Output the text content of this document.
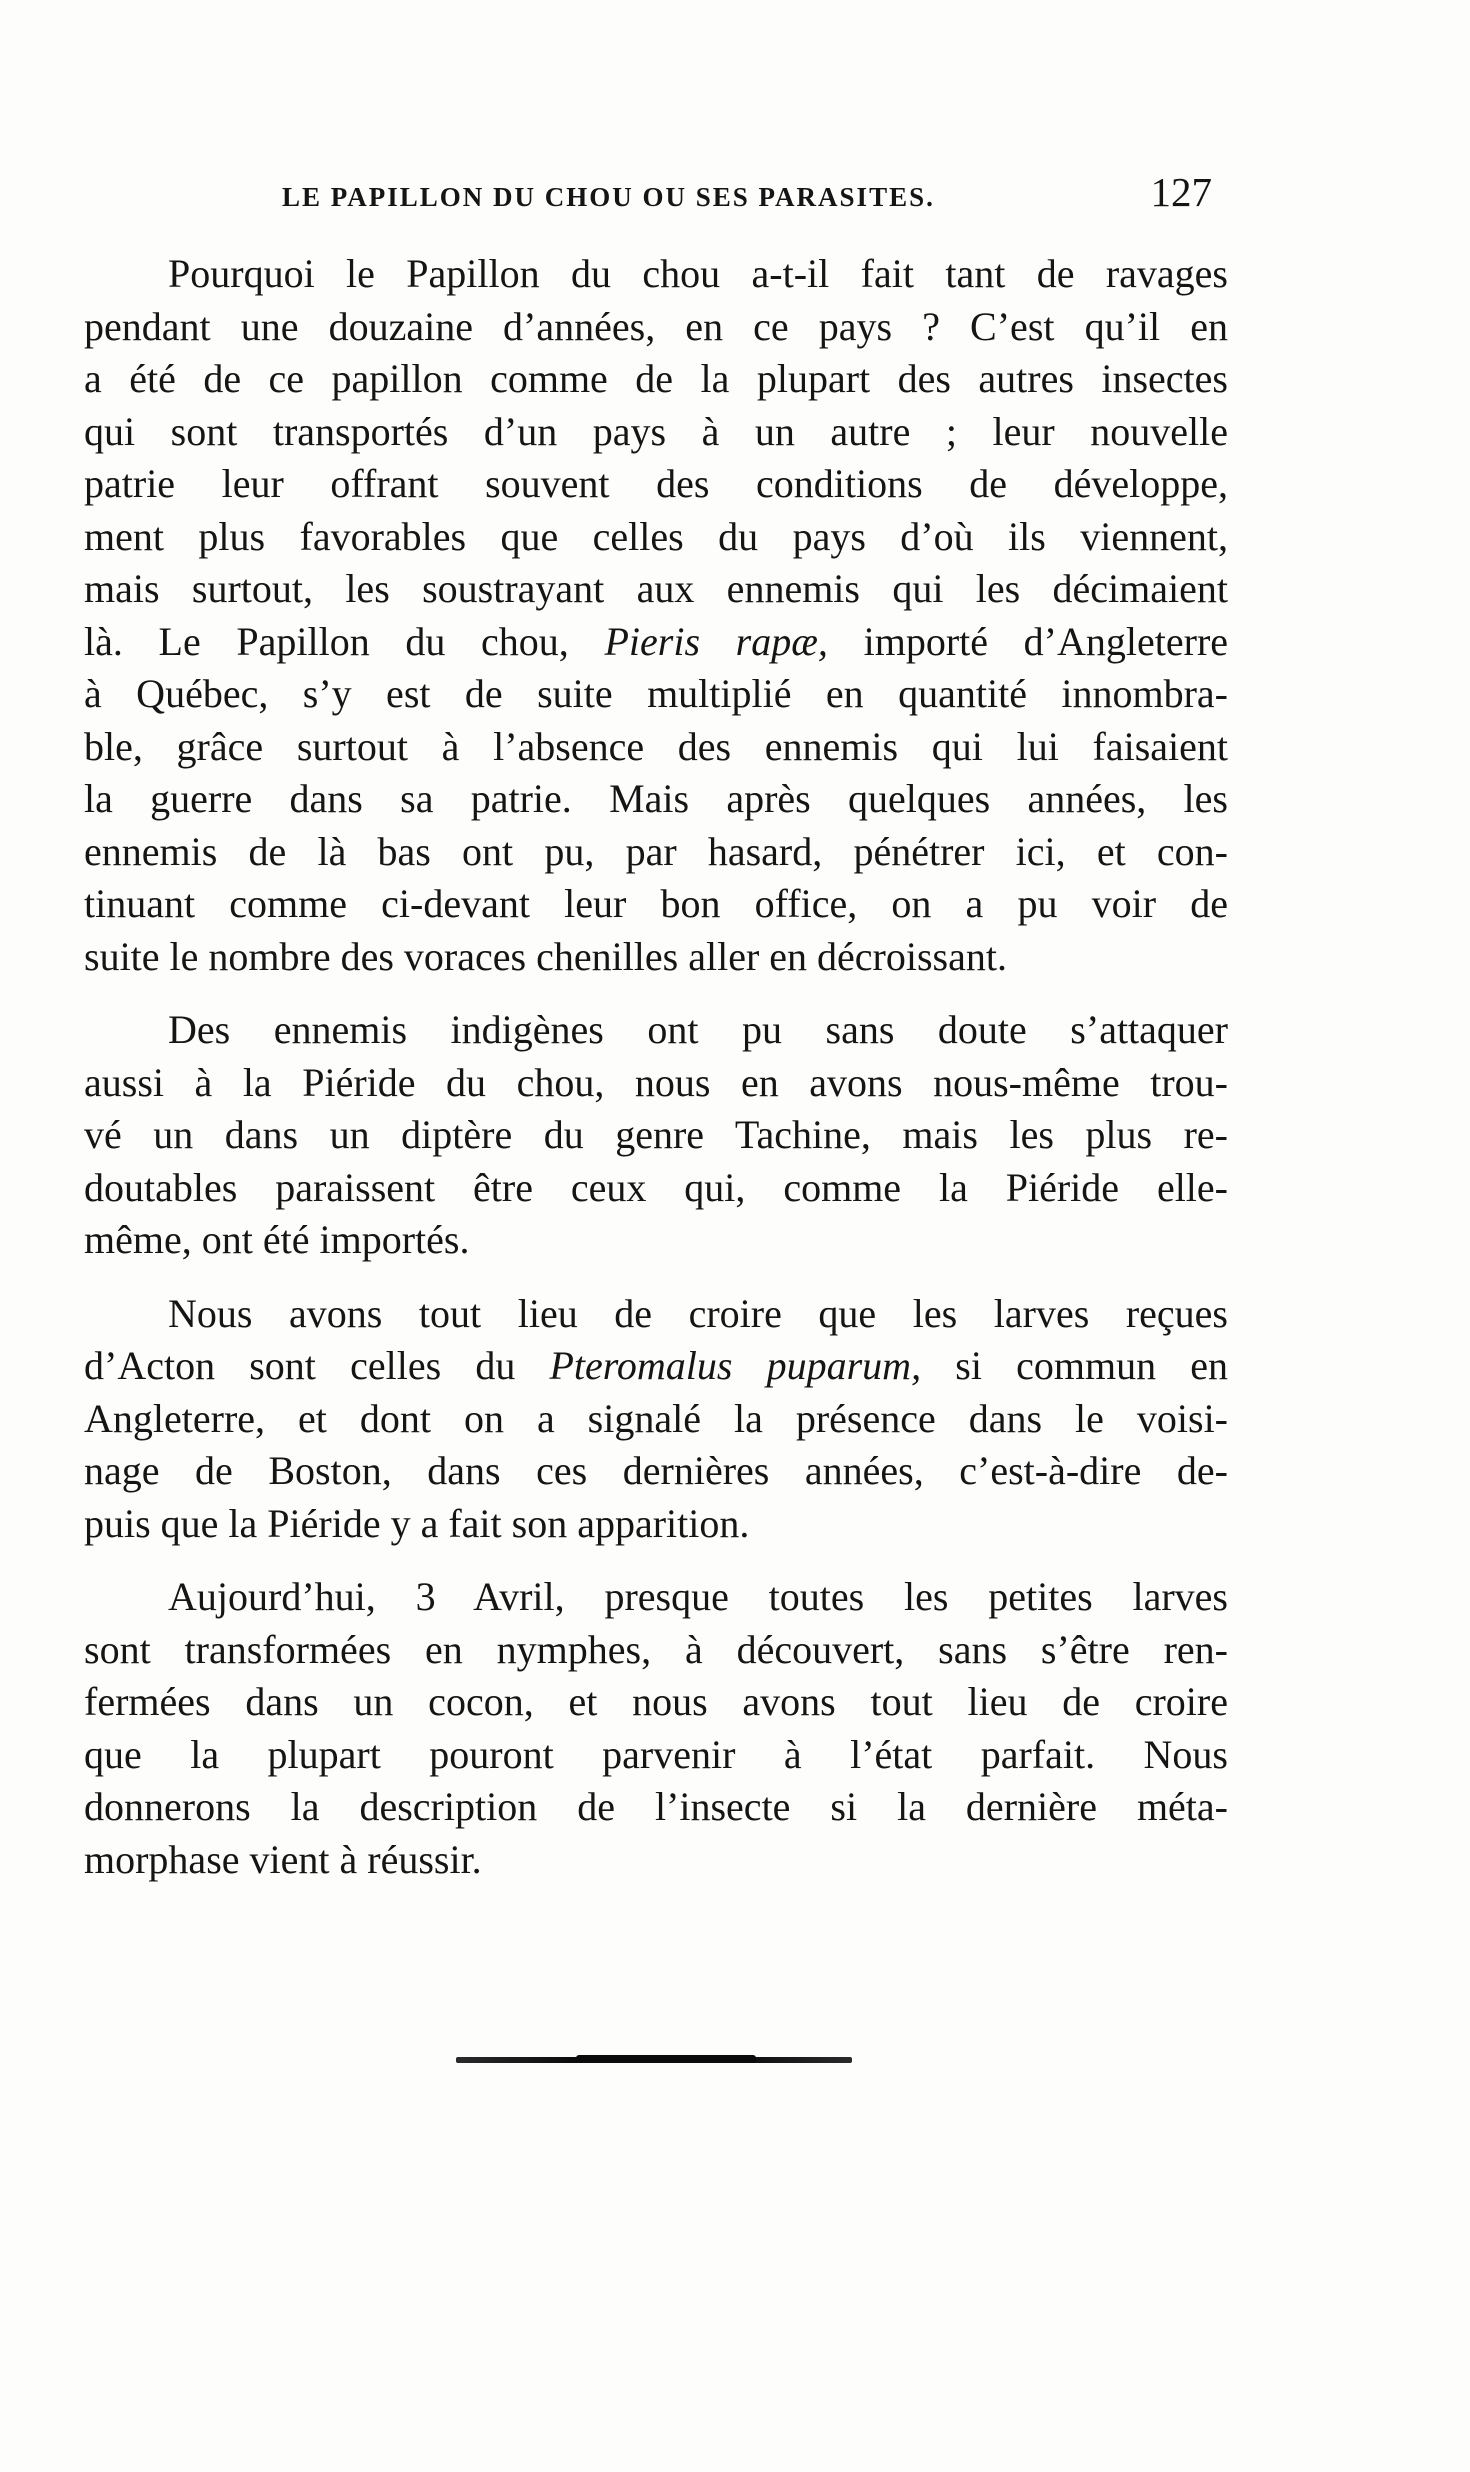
LE PAPILLON DU CHOU OU SES PARASITES.	127

Pourquoi le Papillon du chou a-t-il fait tant de ravages
pendant une douzaine d’années, en ce pays ? C’est qu’il en
a été de ce papillon comme de la plupart des autres insectes
qui sont transportés d’un pays à un autre ; leur nouvelle
patrie leur offrant souvent des conditions de développe,
ment plus favorables que celles du pays d’où ils viennent,
mais surtout, les soustrayant aux ennemis qui les décimaient
là. Le Papillon du chou, Pieris rapæ, importé d’Angleterre
à Québec, s’y est de suite multiplié en quantité innombra-
ble, grâce surtout à l’absence des ennemis qui lui faisaient
la guerre dans sa patrie. Mais après quelques années, les
ennemis de là bas ont pu, par hasard, pénétrer ici, et con-
tinuant comme ci-devant leur bon office, on a pu voir de
suite le nombre des voraces chenilles aller en décroissant.

Des ennemis indigènes ont pu sans doute s’attaquer
aussi à la Piéride du chou, nous en avons nous-même trou-
vé un dans un diptère du genre Tachine, mais les plus re-
doutables paraissent être ceux qui, comme la Piéride elle-
même, ont été importés.

Nous avons tout lieu de croire que les larves reçues
d’Acton sont celles du Pteromalus puparum, si commun en
Angleterre, et dont on a signalé la présence dans le voisi-
nage de Boston, dans ces dernières années, c’est-à-dire de-
puis que la Piéride y a fait son apparition.

Aujourd’hui, 3 Avril, presque toutes les petites larves
sont transformées en nymphes, à découvert, sans s’être ren-
fermées dans un cocon, et nous avons tout lieu de croire
que la plupart pouront parvenir à l’état parfait. Nous
donnerons la description de l’insecte si la dernière méta-
morphase vient à réussir.
